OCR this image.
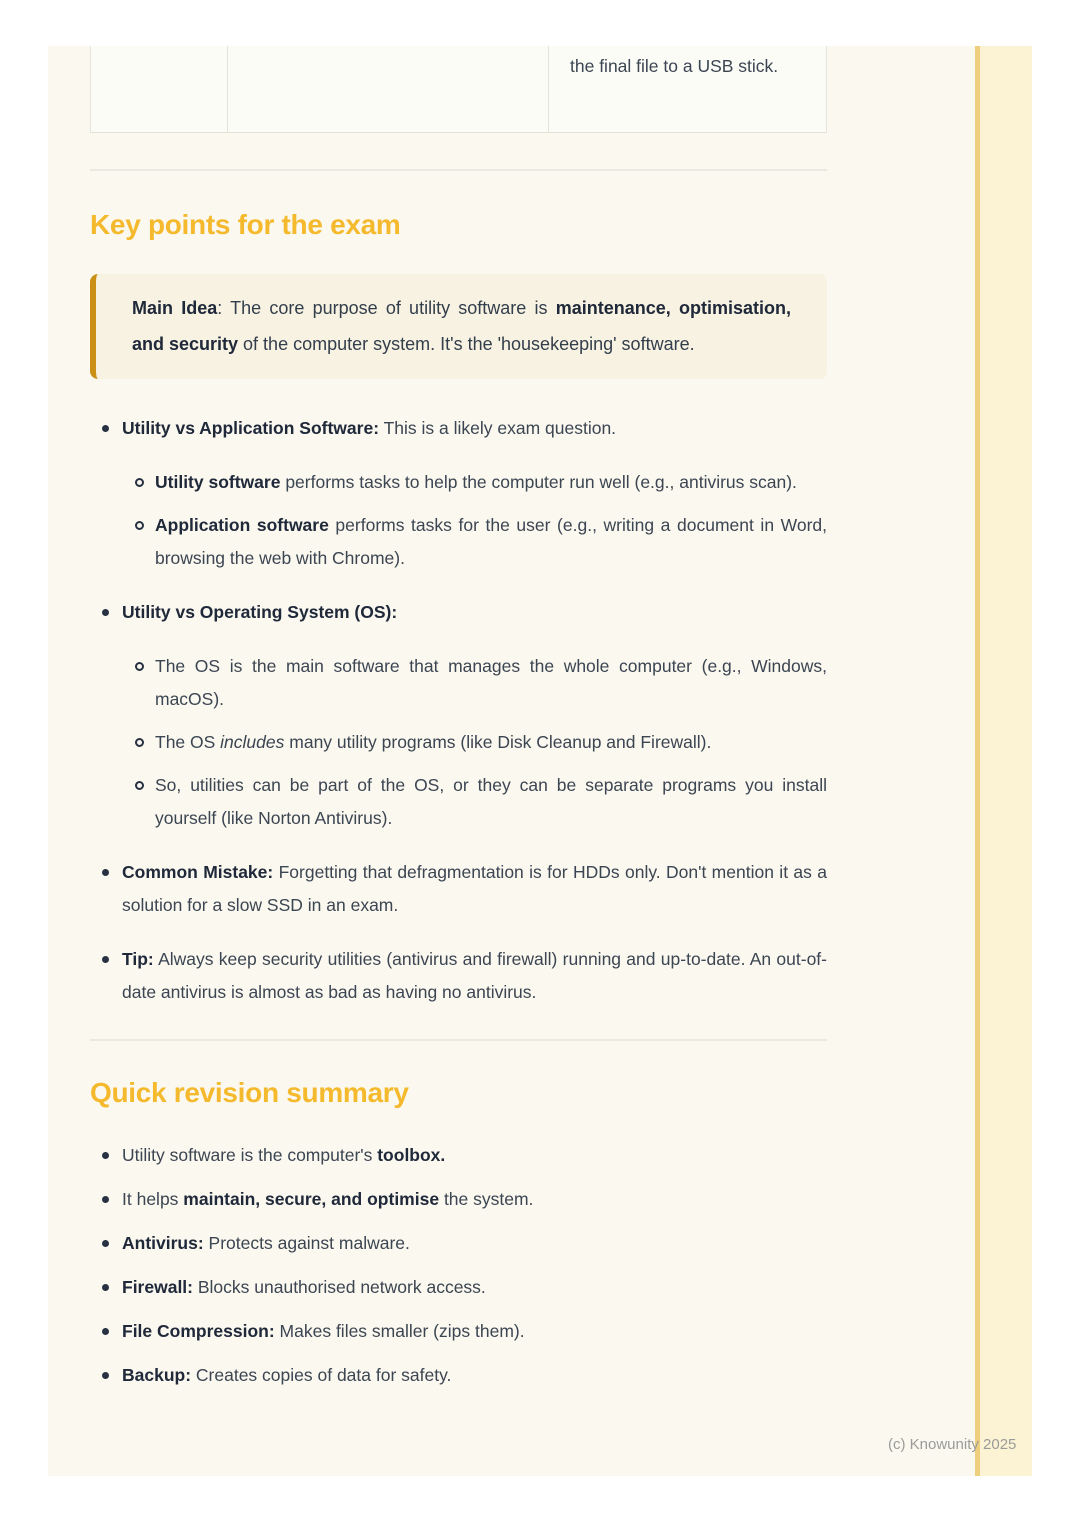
the final file to a USB stick.
Key points for the exam
Main Idea: The core purpose of utility software is maintenance, optimisation, and security of the computer system. It's the 'housekeeping' software.
Utility vs Application Software: This is a likely exam question.
Utility software performs tasks to help the computer run well (e.g., antivirus scan).
Application software performs tasks for the user (e.g., writing a document in Word, browsing the web with Chrome).
Utility vs Operating System (OS):
The OS is the main software that manages the whole computer (e.g., Windows, macOS).
The OS includes many utility programs (like Disk Cleanup and Firewall).
So, utilities can be part of the OS, or they can be separate programs you install yourself (like Norton Antivirus).
Common Mistake: Forgetting that defragmentation is for HDDs only. Don't mention it as a solution for a slow SSD in an exam.
Tip: Always keep security utilities (antivirus and firewall) running and up-to-date. An out-of-date antivirus is almost as bad as having no antivirus.
Quick revision summary
Utility software is the computer's toolbox.
It helps maintain, secure, and optimise the system.
Antivirus: Protects against malware.
Firewall: Blocks unauthorised network access.
File Compression: Makes files smaller (zips them).
Backup: Creates copies of data for safety.
(c) Knowunity 2025
